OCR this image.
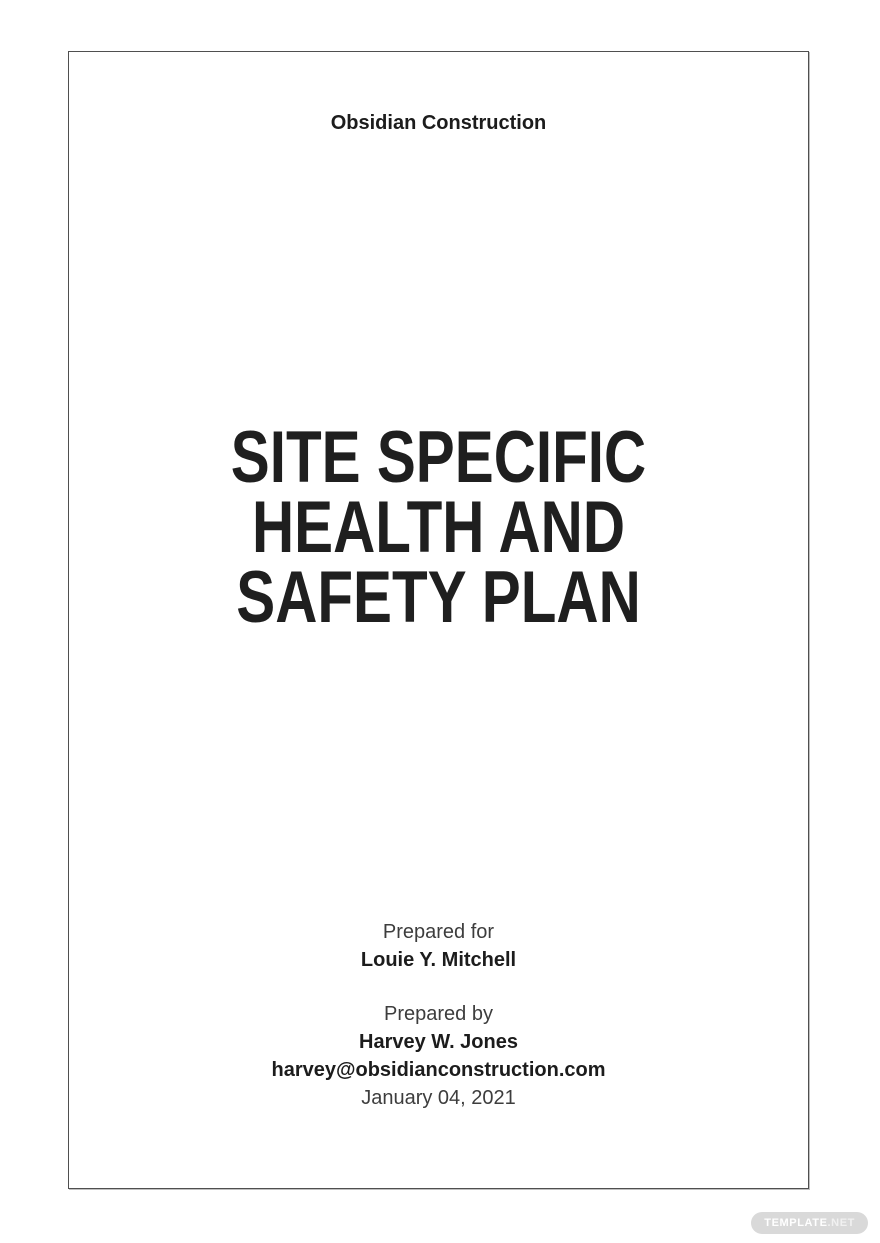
Obsidian Construction
SITE SPECIFIC
HEALTH AND
SAFETY PLAN
Prepared for
Louie Y. Mitchell
Prepared by
Harvey W. Jones
harvey@obsidianconstruction.com
January 04, 2021
TEMPLATE .NET
